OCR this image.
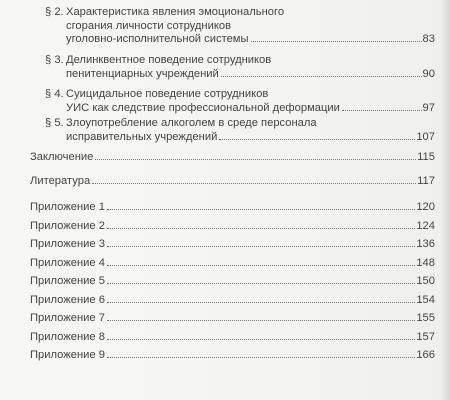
§ 2. Характеристика явления эмоционального
сгорания личности сотрудников
уголовно-исполнительной системы	83
§ 3. Делинквентное поведение сотрудников
пенитенциарных учреждений	90
§ 4. Суицидальное поведение сотрудников
УИС как следствие профессиональной деформации	97
§ 5. Злоупотребление алкоголем в среде персонала
исправительных учреждений	107
Заключение	115
Литература	117
Приложение 1	120
Приложение 2	124
Приложение 3	136
Приложение 4	148
Приложение 5	150
Приложение 6	154
Приложение 7	155
Приложение 8	157
Приложение 9	166
